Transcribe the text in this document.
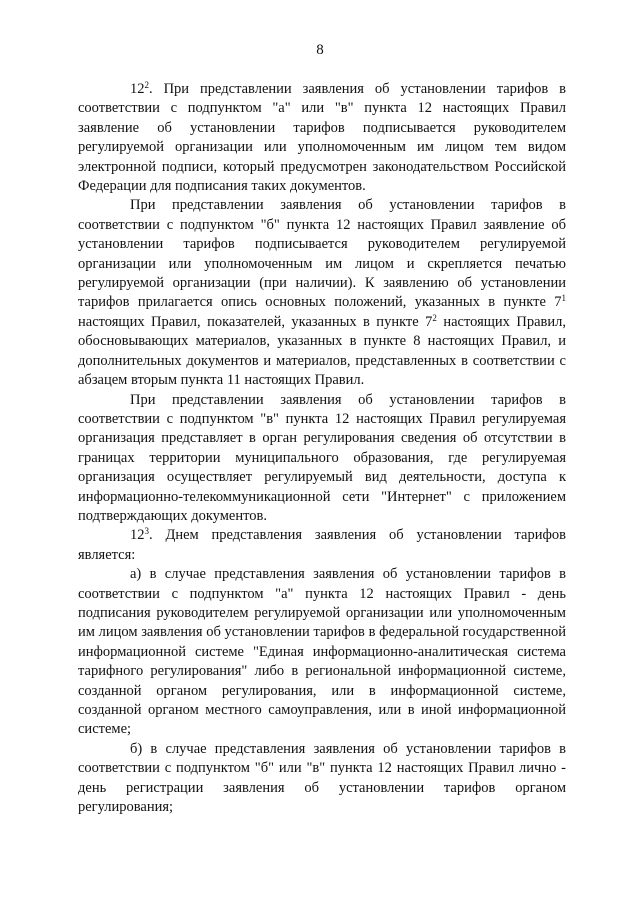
8

$12^2$. При представлении заявления об установлении тарифов в соответствии с подпунктом "а" или "в" пункта 12 настоящих Правил заявление об установлении тарифов подписывается руководителем регулируемой организации или уполномоченным им лицом тем видом электронной подписи, который предусмотрен законодательством Российской Федерации для подписания таких документов.

При представлении заявления об установлении тарифов в соответствии с подпунктом "б" пункта 12 настоящих Правил заявление об установлении тарифов подписывается руководителем регулируемой организации или уполномоченным им лицом и скрепляется печатью регулируемой организации (при наличии). К заявлению об установлении тарифов прилагается опись основных положений, указанных в пункте $7^1$ настоящих Правил, показателей, указанных в пункте $7^2$ настоящих Правил, обосновывающих материалов, указанных в пункте 8 настоящих Правил, и дополнительных документов и материалов, представленных в соответствии с абзацем вторым пункта 11 настоящих Правил.

При представлении заявления об установлении тарифов в соответствии с подпунктом "в" пункта 12 настоящих Правил регулируемая организация представляет в орган регулирования сведения об отсутствии в границах территории муниципального образования, где регулируемая организация осуществляет регулируемый вид деятельности, доступа к информационно-телекоммуникационной сети "Интернет" с приложением подтверждающих документов.

$12^3$. Днем представления заявления об установлении тарифов является:

а) в случае представления заявления об установлении тарифов в соответствии с подпунктом "а" пункта 12 настоящих Правил - день подписания руководителем регулируемой организации или уполномоченным им лицом заявления об установлении тарифов в федеральной государственной информационной системе "Единая информационно-аналитическая система тарифного регулирования" либо в региональной информационной системе, созданной органом регулирования, или в информационной системе, созданной органом местного самоуправления, или в иной информационной системе;

б) в случае представления заявления об установлении тарифов в соответствии с подпунктом "б" или "в" пункта 12 настоящих Правил лично - день регистрации заявления об установлении тарифов органом регулирования;
